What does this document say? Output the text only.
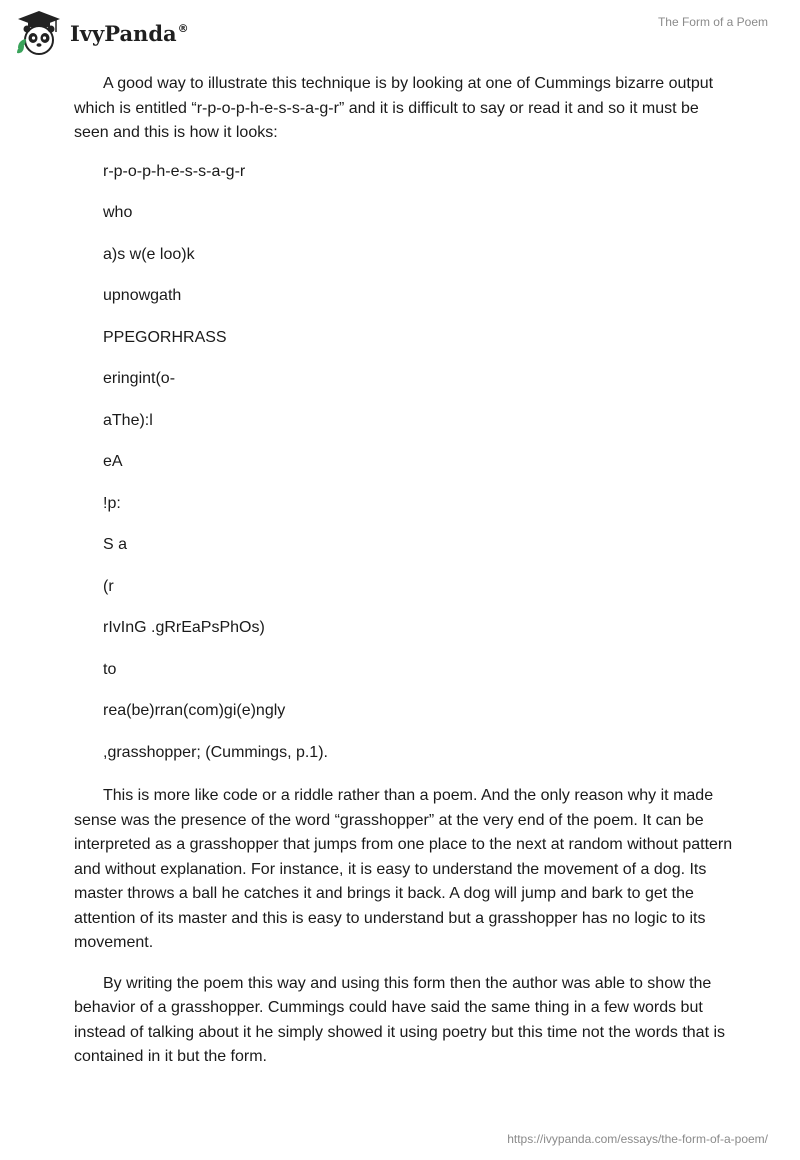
IvyPanda®	The Form of a Poem

A good way to illustrate this technique is by looking at one of Cummings bizarre output which is entitled “r-p-o-p-h-e-s-s-a-g-r” and it is difficult to say or read it and so it must be seen and this is how it looks:

r-p-o-p-h-e-s-s-a-g-r
who
a)s w(e loo)k
upnowgath
PPEGORHRASS
eringint(o-
aThe):l
eA
!p:
S a
(r
rIvInG .gRrEaPsPhOs)
to
rea(be)rran(com)gi(e)ngly
,grasshopper; (Cummings, p.1).

This is more like code or a riddle rather than a poem. And the only reason why it made sense was the presence of the word “grasshopper” at the very end of the poem. It can be interpreted as a grasshopper that jumps from one place to the next at random without pattern and without explanation. For instance, it is easy to understand the movement of a dog. Its master throws a ball he catches it and brings it back. A dog will jump and bark to get the attention of its master and this is easy to understand but a grasshopper has no logic to its movement.

By writing the poem this way and using this form then the author was able to show the behavior of a grasshopper. Cummings could have said the same thing in a few words but instead of talking about it he simply showed it using poetry but this time not the words that is contained in it but the form.

https://ivypanda.com/essays/the-form-of-a-poem/
